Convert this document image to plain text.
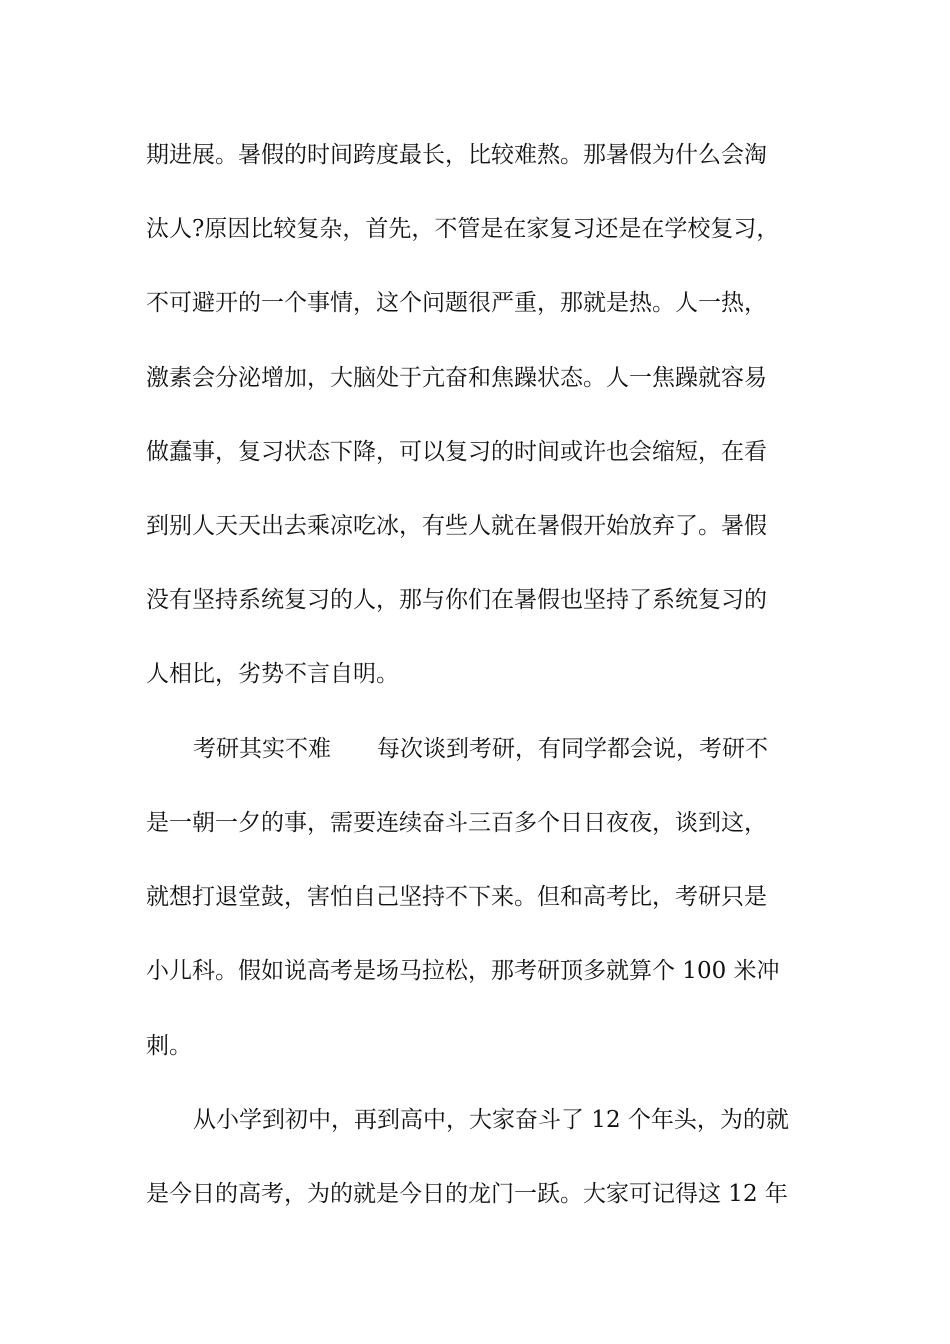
期进展。暑假的时间跨度最长，比较难熬。那暑假为什么会淘
汰人?原因比较复杂，首先，不管是在家复习还是在学校复习，
不可避开的一个事情，这个问题很严重，那就是热。人一热，
激素会分泌增加，大脑处于亢奋和焦躁状态。人一焦躁就容易
做蠢事，复习状态下降，可以复习的时间或许也会缩短，在看
到别人天天出去乘凉吃冰，有些人就在暑假开始放弃了。暑假
没有坚持系统复习的人，那与你们在暑假也坚持了系统复习的
人相比，劣势不言自明。
考研其实不难　　每次谈到考研，有同学都会说，考研不
是一朝一夕的事，需要连续奋斗三百多个日日夜夜，谈到这，
就想打退堂鼓，害怕自己坚持不下来。但和高考比，考研只是
小儿科。假如说高考是场马拉松，那考研顶多就算个 100 米冲
刺。
从小学到初中，再到高中，大家奋斗了 12 个年头，为的就
是今日的高考，为的就是今日的龙门一跃。大家可记得这 12 年
